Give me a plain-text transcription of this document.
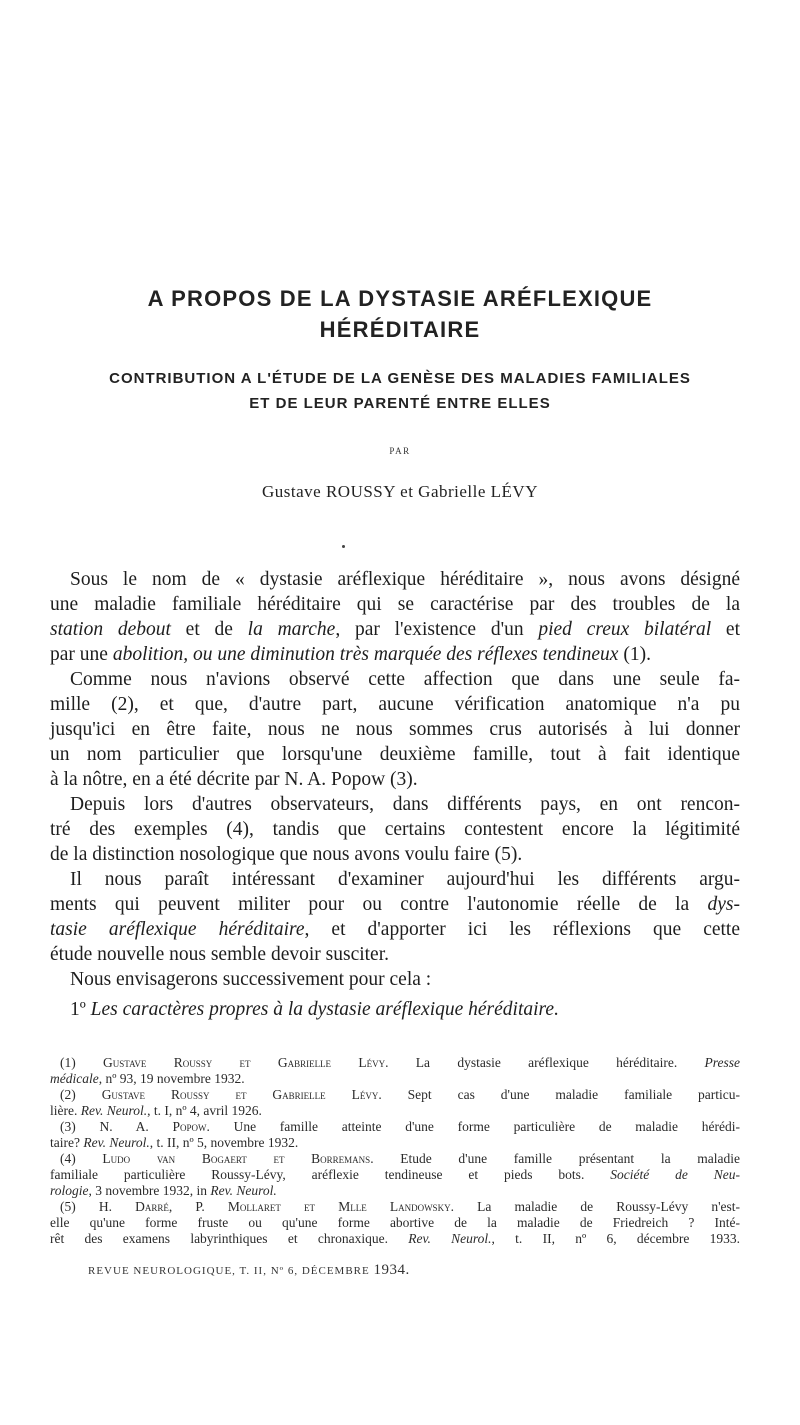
A PROPOS DE LA DYSTASIE ARÉFLEXIQUE
HÉRÉDITAIRE
CONTRIBUTION A L'ÉTUDE DE LA GENÈSE DES MALADIES FAMILIALES
ET DE LEUR PARENTÉ ENTRE ELLES
PAR
Gustave ROUSSY et Gabrielle LÉVY
Sous le nom de « dystasie aréflexique héréditaire », nous avons désigné
une maladie familiale héréditaire qui se caractérise par des troubles de la
station debout et de la marche, par l'existence d'un pied creux bilatéral et
par une abolition, ou une diminution très marquée des réflexes tendineux (1).
Comme nous n'avions observé cette affection que dans une seule fa-
mille (2), et que, d'autre part, aucune vérification anatomique n'a pu
jusqu'ici en être faite, nous ne nous sommes crus autorisés à lui donner
un nom particulier que lorsqu'une deuxième famille, tout à fait identique
à la nôtre, en a été décrite par N. A. Popow (3).
Depuis lors d'autres observateurs, dans différents pays, en ont rencon-
tré des exemples (4), tandis que certains contestent encore la légitimité
de la distinction nosologique que nous avons voulu faire (5).
Il nous paraît intéressant d'examiner aujourd'hui les différents argu-
ments qui peuvent militer pour ou contre l'autonomie réelle de la dys-
tasie aréflexique héréditaire, et d'apporter ici les réflexions que cette
étude nouvelle nous semble devoir susciter.
Nous envisagerons successivement pour cela :
1º Les caractères propres à la dystasie aréflexique héréditaire.
(1) Gustave Roussy et Gabrielle Lévy. La dystasie aréflexique héréditaire. Presse
médicale, nº 93, 19 novembre 1932.
(2) Gustave Roussy et Gabrielle Lévy. Sept cas d'une maladie familiale particu-
lière. Rev. Neurol., t. I, nº 4, avril 1926.
(3) N. A. Popow. Une famille atteinte d'une forme particulière de maladie hérédi-
taire? Rev. Neurol., t. II, nº 5, novembre 1932.
(4) Ludo van Bogaert et Borremans. Etude d'une famille présentant la maladie
familiale particulière Roussy-Lévy, aréflexie tendineuse et pieds bots. Société de Neu-
rologie, 3 novembre 1932, in Rev. Neurol.
(5) H. Darré, P. Mollaret et Mlle Landowsky. La maladie de Roussy-Lévy n'est-
elle qu'une forme fruste ou qu'une forme abortive de la maladie de Friedreich ? Inté-
rêt des examens labyrinthiques et chronaxique. Rev. Neurol., t. II, nº 6, décembre 1933.
REVUE NEUROLOGIQUE, T. II, Nº 6, DÉCEMBRE 1934.
